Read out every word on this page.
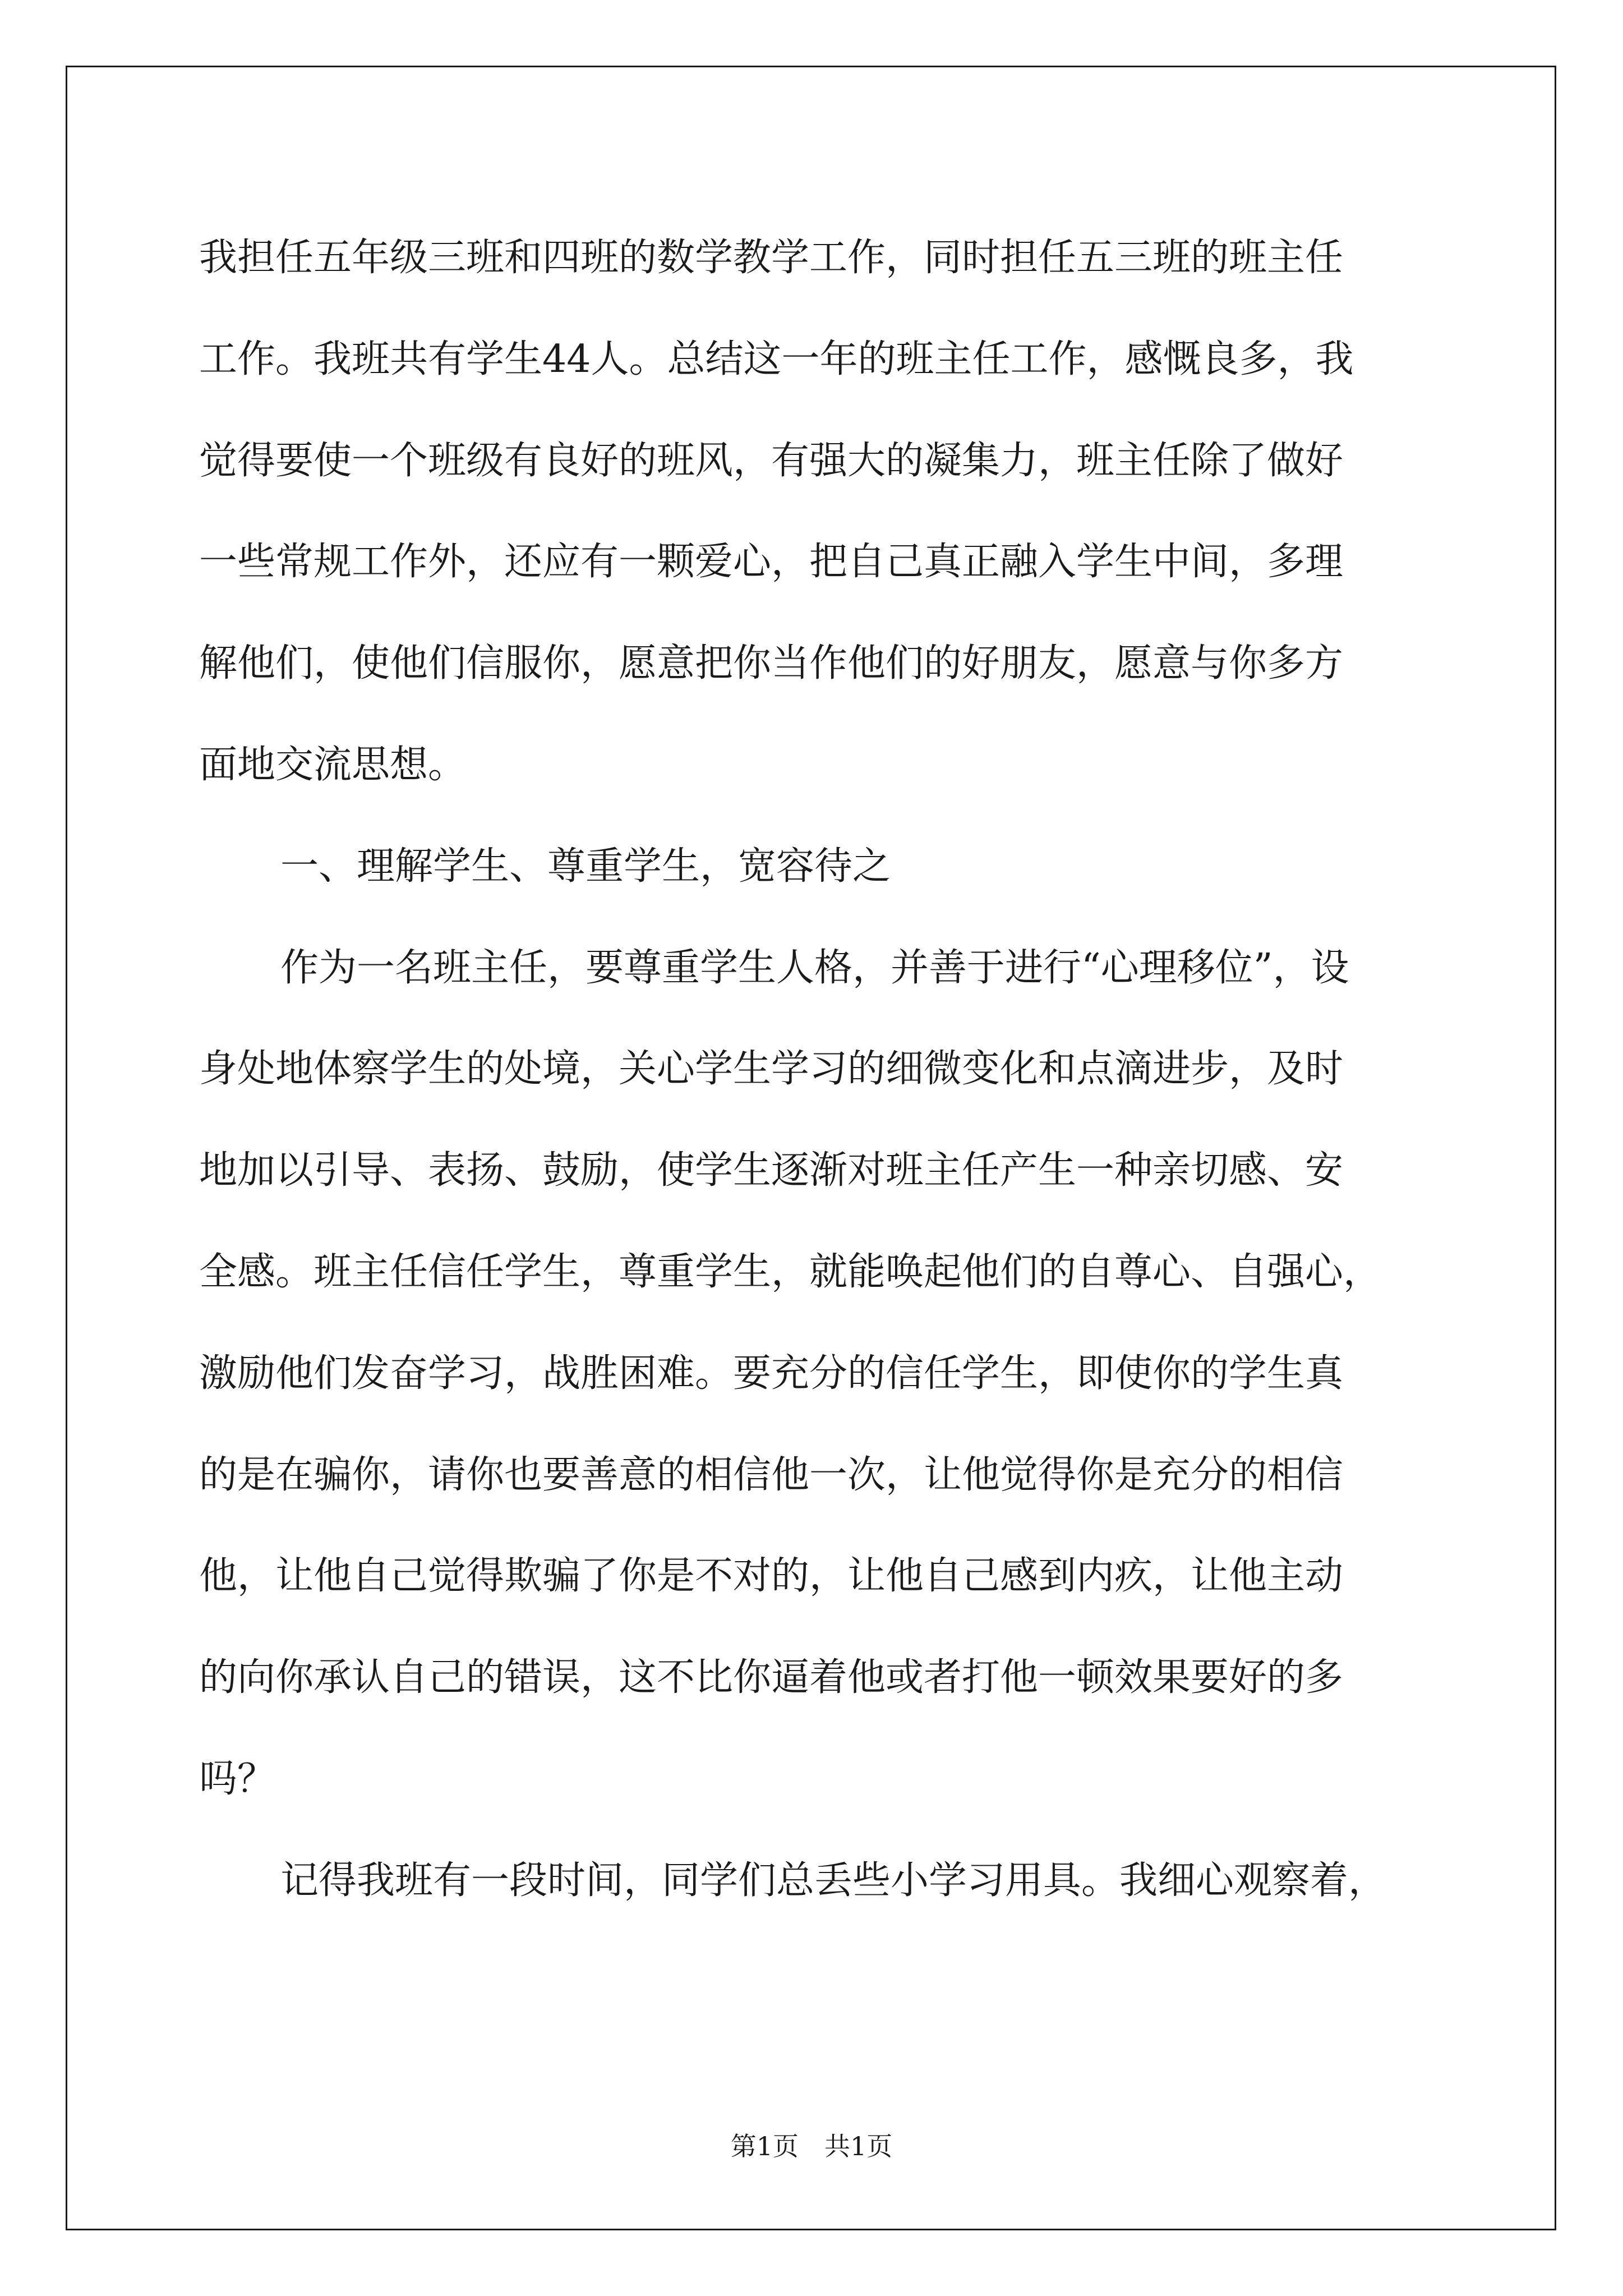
我担任五年级三班和四班的数学教学工作，同时担任五三班的班主任
工作。我班共有学生44人。总结这一年的班主任工作，感慨良多，我
觉得要使一个班级有良好的班风，有强大的凝集力，班主任除了做好
一些常规工作外，还应有一颗爱心，把自己真正融入学生中间，多理
解他们，使他们信服你，愿意把你当作他们的好朋友，愿意与你多方
面地交流思想。
一、理解学生、尊重学生，宽容待之
作为一名班主任，要尊重学生人格，并善于进行“心理移位”，设
身处地体察学生的处境，关心学生学习的细微变化和点滴进步，及时
地加以引导、表扬、鼓励，使学生逐渐对班主任产生一种亲切感、安
全感。班主任信任学生，尊重学生，就能唤起他们的自尊心、自强心，
激励他们发奋学习，战胜困难。要充分的信任学生，即使你的学生真
的是在骗你，请你也要善意的相信他一次，让他觉得你是充分的相信
他，让他自己觉得欺骗了你是不对的，让他自己感到内疚，让他主动
的向你承认自己的错误，这不比你逼着他或者打他一顿效果要好的多
吗？
记得我班有一段时间，同学们总丢些小学习用具。我细心观察着，
第1页　共1页
